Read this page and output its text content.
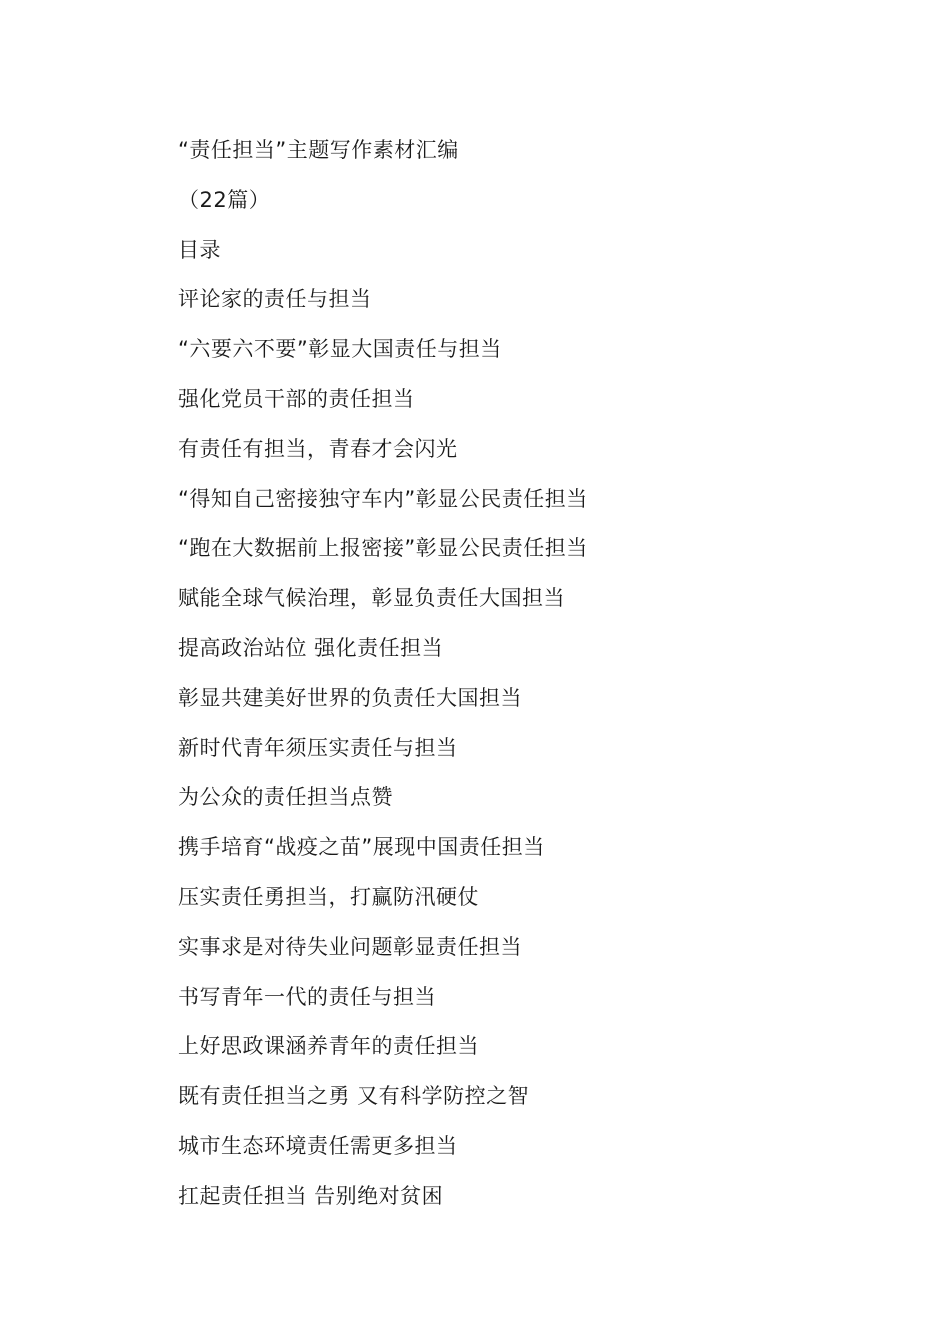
“责任担当”主题写作素材汇编
（22篇）
目录
评论家的责任与担当
“六要六不要”彰显大国责任与担当
强化党员干部的责任担当
有责任有担当，青春才会闪光
“得知自己密接独守车内”彰显公民责任担当
“跑在大数据前上报密接”彰显公民责任担当
赋能全球气候治理，彰显负责任大国担当
提高政治站位 强化责任担当
彰显共建美好世界的负责任大国担当
新时代青年须压实责任与担当
为公众的责任担当点赞
携手培育“战疫之苗”展现中国责任担当
压实责任勇担当，打赢防汛硬仗
实事求是对待失业问题彰显责任担当
书写青年一代的责任与担当
上好思政课涵养青年的责任担当
既有责任担当之勇 又有科学防控之智
城市生态环境责任需更多担当
扛起责任担当 告别绝对贫困
